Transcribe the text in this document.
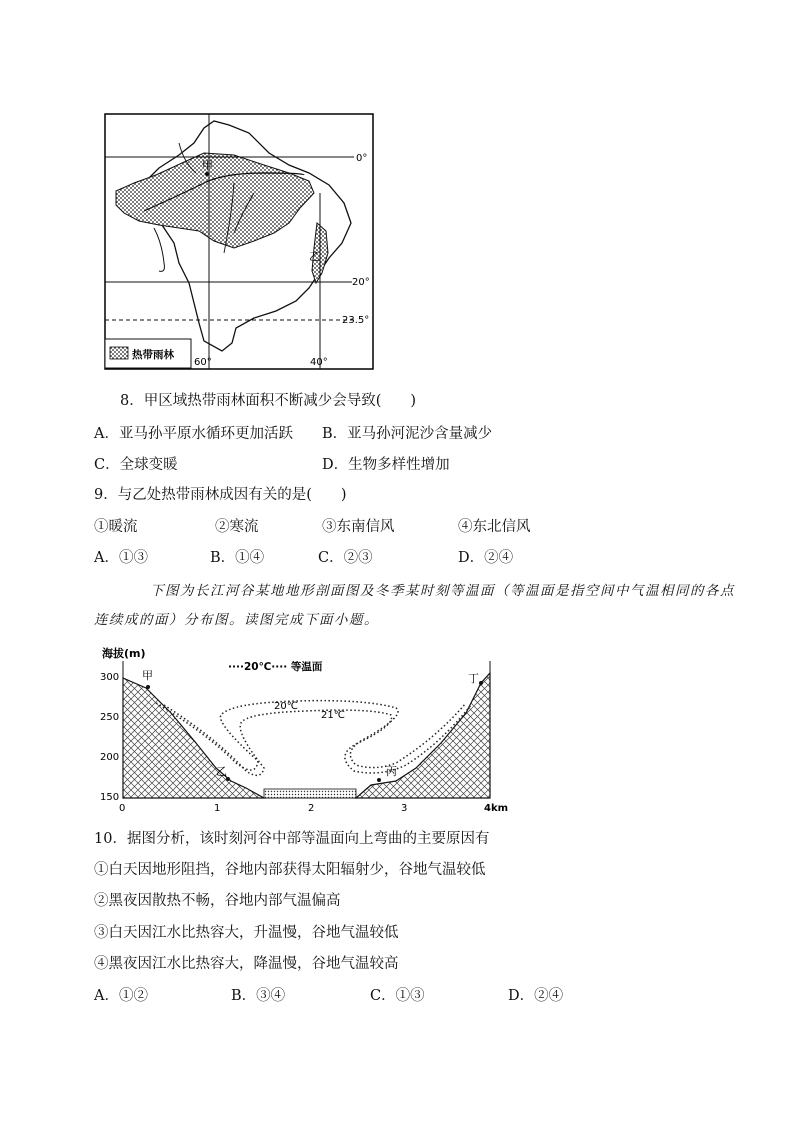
甲
乙
0°
20°
23.5°
60°	40°
热带雨林
8．甲区域热带雨林面积不断减少会导致(　　)
A．亚马孙平原水循环更加活跃 B．亚马孙河泥沙含量减少
C．全球变暖	D．生物多样性增加
9．与乙处热带雨林成因有关的是(　　)
①暖流	②寒流	③东南信风	④东北信风
A．①③	B．①④	C．②③	D．②④
下图为长江河谷某地地形剖面图及冬季某时刻等温面（等温面是指空间中气温相同的各点
连续成的面）分布图。读图完成下面小题。
海拔(m)
300
250
200
150
0	1	2	3	4km
····20℃···· 等温面
20℃
21℃
甲
乙	丙
丁
10．据图分析，该时刻河谷中部等温面向上弯曲的主要原因有
①白天因地形阻挡，谷地内部获得太阳辐射少，谷地气温较低
②黑夜因散热不畅，谷地内部气温偏高
③白天因江水比热容大，升温慢，谷地气温较低
④黑夜因江水比热容大，降温慢，谷地气温较高
A．①②	B．③④	C．①③	D．②④
